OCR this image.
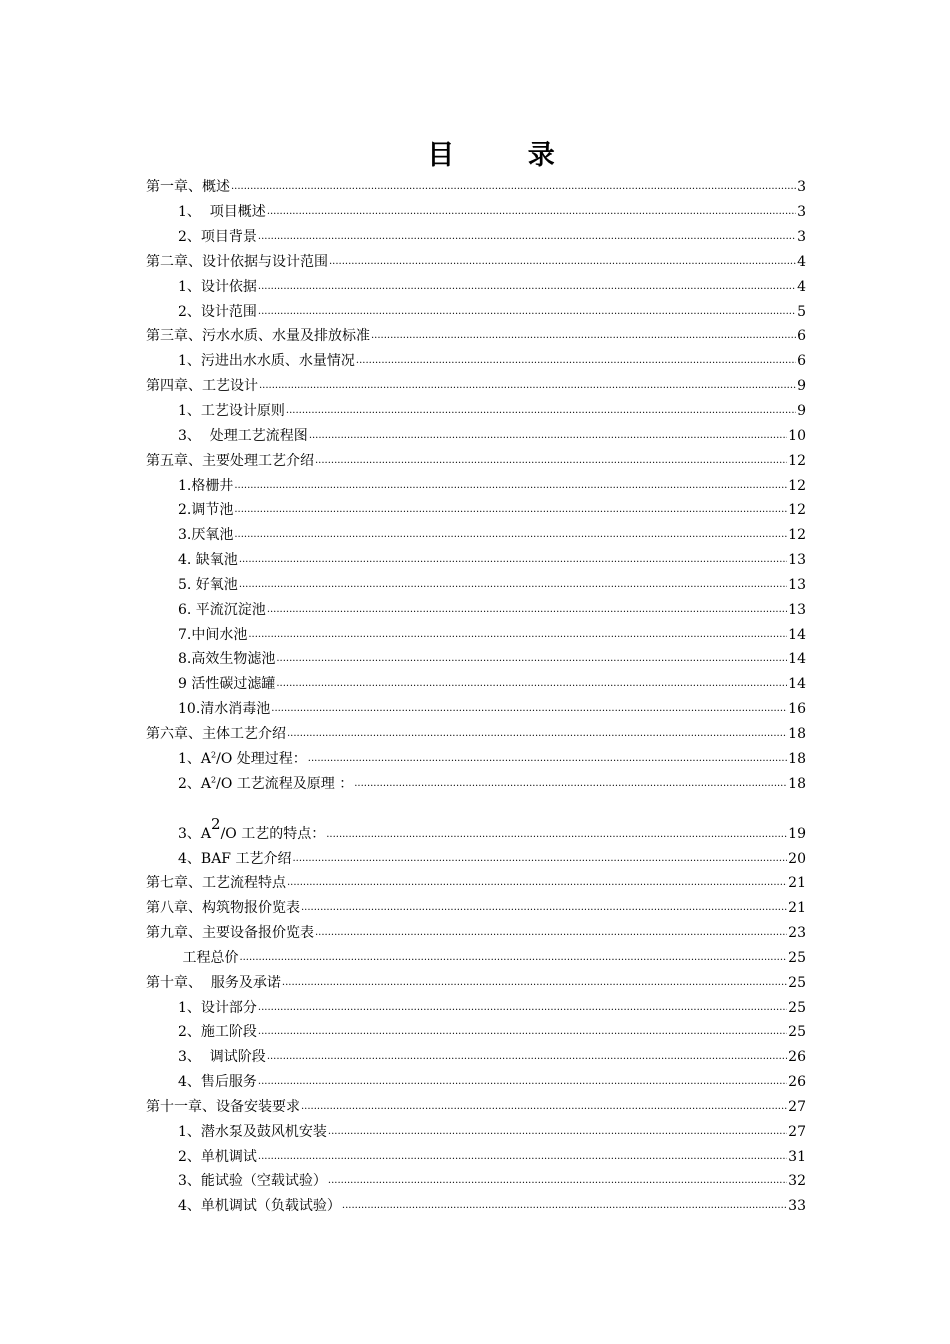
目 录
第一章、概述 .....	3
1、  项目概述 .....	3
2、项目背景 .....	3
第二章、设计依据与设计范围 .....	4
1、设计依据 .....	4
2、设计范围 .....	5
第三章、污水水质、水量及排放标准 .....	6
1、污进出水水质、水量情况 .....	6
第四章、工艺设计 .....	9
1、工艺设计原则 .....	9
3、  处理工艺流程图 .....	10
第五章、主要处理工艺介绍 .....	12
1.格栅井 .....	12
2.调节池 .....	12
3.厌氧池 .....	12
4. 缺氧池 .....	13
5. 好氧池 .....	13
6. 平流沉淀池 .....	13
7.中间水池 .....	14
8.高效生物滤池 .....	14
9 活性碳过滤罐 .....	14
10.清水消毒池 .....	16
第六章、主体工艺介绍 .....	18
1、$A^2/O$ 处理过程： .....	18
2、$A^2/O$ 工艺流程及原理 ： .....	18
3、$A^2/O$ 工艺的特点： .....	19
4、BAF 工艺介绍 .....	20
第七章、工艺流程特点 .....	21
第八章、构筑物报价览表 .....	21
第九章、主要设备报价览表 .....	23
工程总价 .....	25
第十章、  服务及承诺 .....	25
1、设计部分 .....	25
2、施工阶段 .....	25
3、  调试阶段 .....	26
4、售后服务 .....	26
第十一章、设备安装要求 .....	27
1、潜水泵及鼓风机安装 .....	27
2、单机调试 .....	31
3、能试验（空载试验） .....	32
4、单机调试（负载试验） .....	33
